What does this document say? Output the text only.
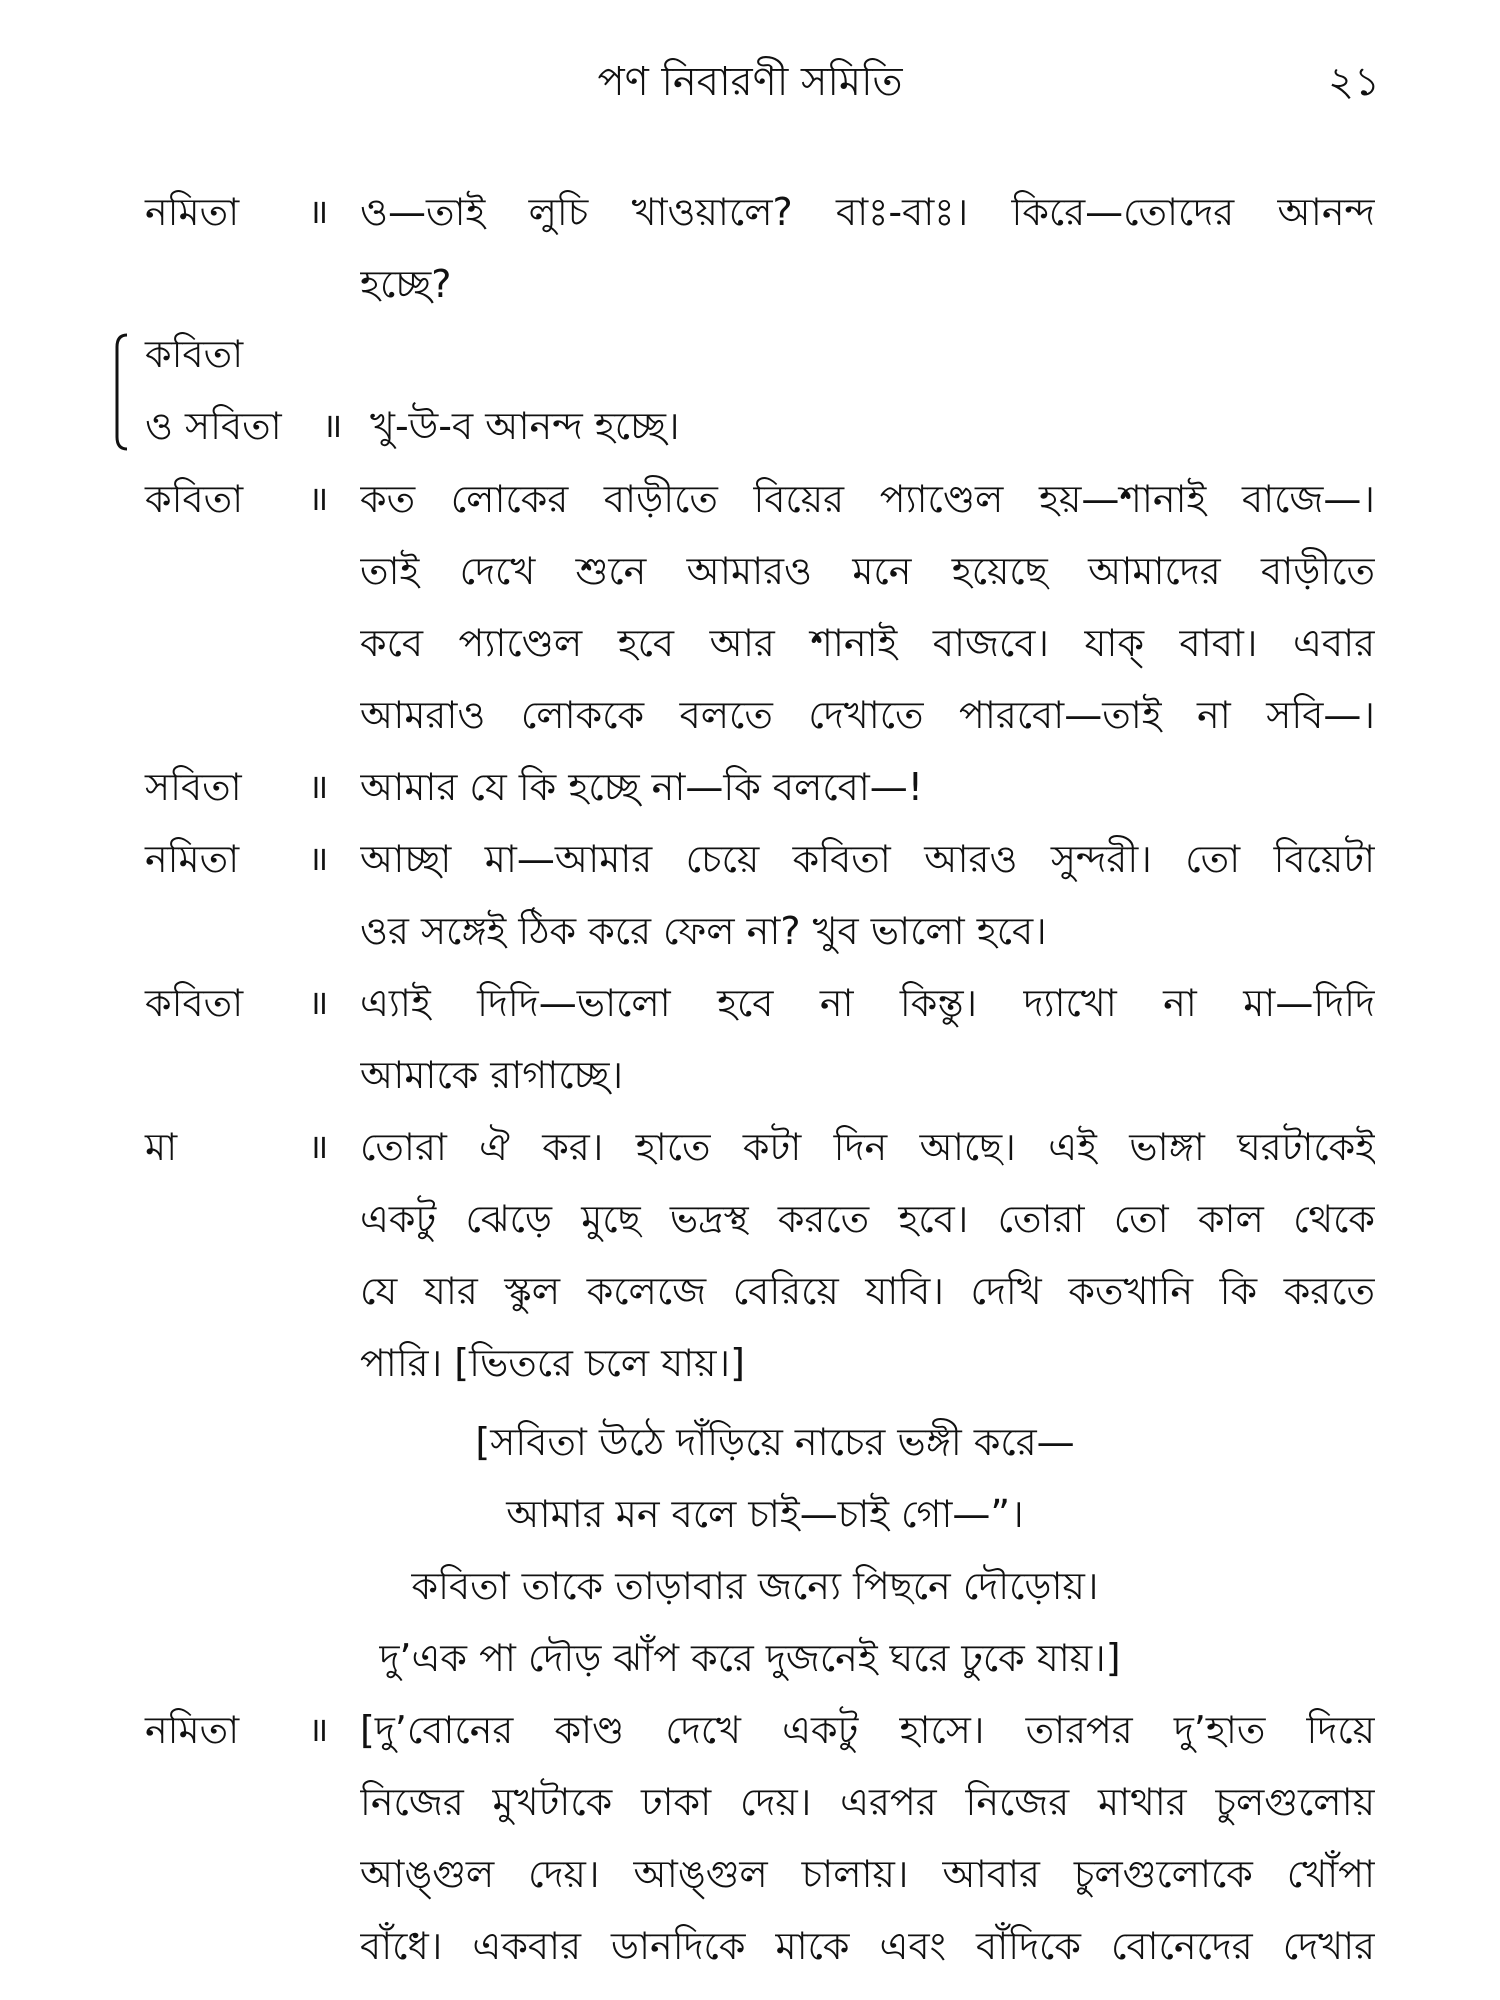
পণ নিবারণী সমিতি	২১
নমিতা ॥ ও—তাই লুচি খাওয়ালে? বাঃ-বাঃ। কিরে—তোদের আনন্দ
হচ্ছে?
কবিতা
ও সবিতা ॥ খু-উ-ব আনন্দ হচ্ছে।
কবিতা ॥ কত লোকের বাড়ীতে বিয়ের প্যাণ্ডেল হয়—শানাই বাজে—।
তাই দেখে শুনে আমারও মনে হয়েছে আমাদের বাড়ীতে
কবে প্যাণ্ডেল হবে আর শানাই বাজবে। যাক্ বাবা। এবার
আমরাও লোককে বলতে দেখাতে পারবো—তাই না সবি—।
সবিতা ॥ আমার যে কি হচ্ছে না—কি বলবো—!
নমিতা ॥ আচ্ছা মা—আমার চেয়ে কবিতা আরও সুন্দরী। তো বিয়েটা
ওর সঙ্গেই ঠিক করে ফেল না? খুব ভালো হবে।
কবিতা ॥ এ্যাই দিদি—ভালো হবে না কিন্তু। দ্যাখো না মা—দিদি
আমাকে রাগাচ্ছে।
মা	॥ তোরা ঐ কর। হাতে কটা দিন আছে। এই ভাঙ্গা ঘরটাকেই
একটু ঝেড়ে মুছে ভদ্রস্থ করতে হবে। তোরা তো কাল থেকে
যে যার স্কুল কলেজে বেরিয়ে যাবি। দেখি কতখানি কি করতে
পারি। [ভিতরে চলে যায়।]
[সবিতা উঠে দাঁড়িয়ে নাচের ভঙ্গী করে—
আমার মন বলে চাই—চাই গো—”।
কবিতা তাকে তাড়াবার জন্যে পিছনে দৌড়োয়।
দু’এক পা দৌড় ঝাঁপ করে দুজনেই ঘরে ঢুকে যায়।]
নমিতা ॥ [দু’বোনের কাণ্ড দেখে একটু হাসে। তারপর দু’হাত দিয়ে
নিজের মুখটাকে ঢাকা দেয়। এরপর নিজের মাথার চুলগুলোয়
আঙ্গুল দেয়। আঙ্গুল চালায়। আবার চুলগুলোকে খোঁপা
বাঁধে। একবার ডানদিকে মাকে এবং বাঁদিকে বোনেদের দেখার
